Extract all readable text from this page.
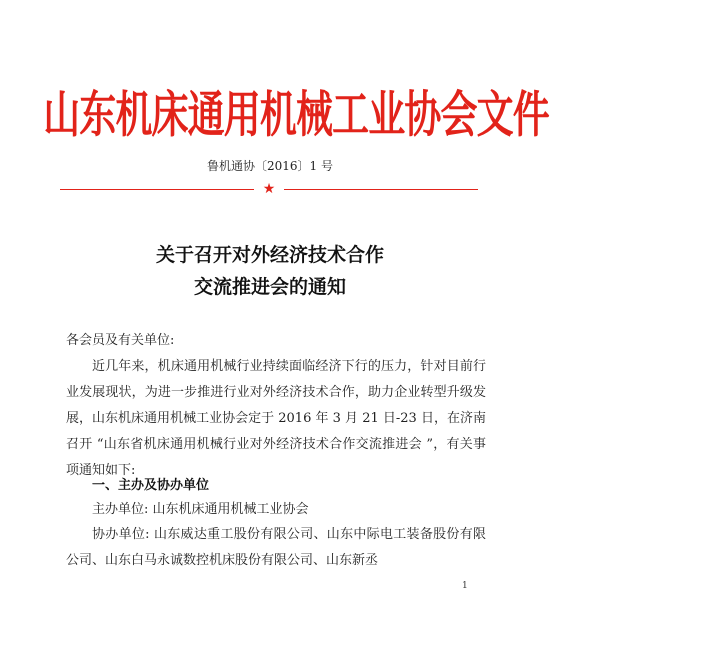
山东机床通用机械工业协会文件
鲁机通协〔2016〕1 号
★
关于召开对外经济技术合作
交流推进会的通知
各会员及有关单位:
近几年来，机床通用机械行业持续面临经济下行的压力，针对目前行业发展现状，为进一步推进行业对外经济技术合作，助力企业转型升级发展，山东机床通用机械工业协会定于 2016 年 3 月 21 日-23 日，在济南召开 “山东省机床通用机械行业对外经济技术合作交流推进会 ”，有关事项通知如下:
一、主办及协办单位
主办单位: 山东机床通用机械工业协会
协办单位: 山东威达重工股份有限公司、山东中际电工装备股份有限公司、山东白马永诚数控机床股份有限公司、山东新丞
1
